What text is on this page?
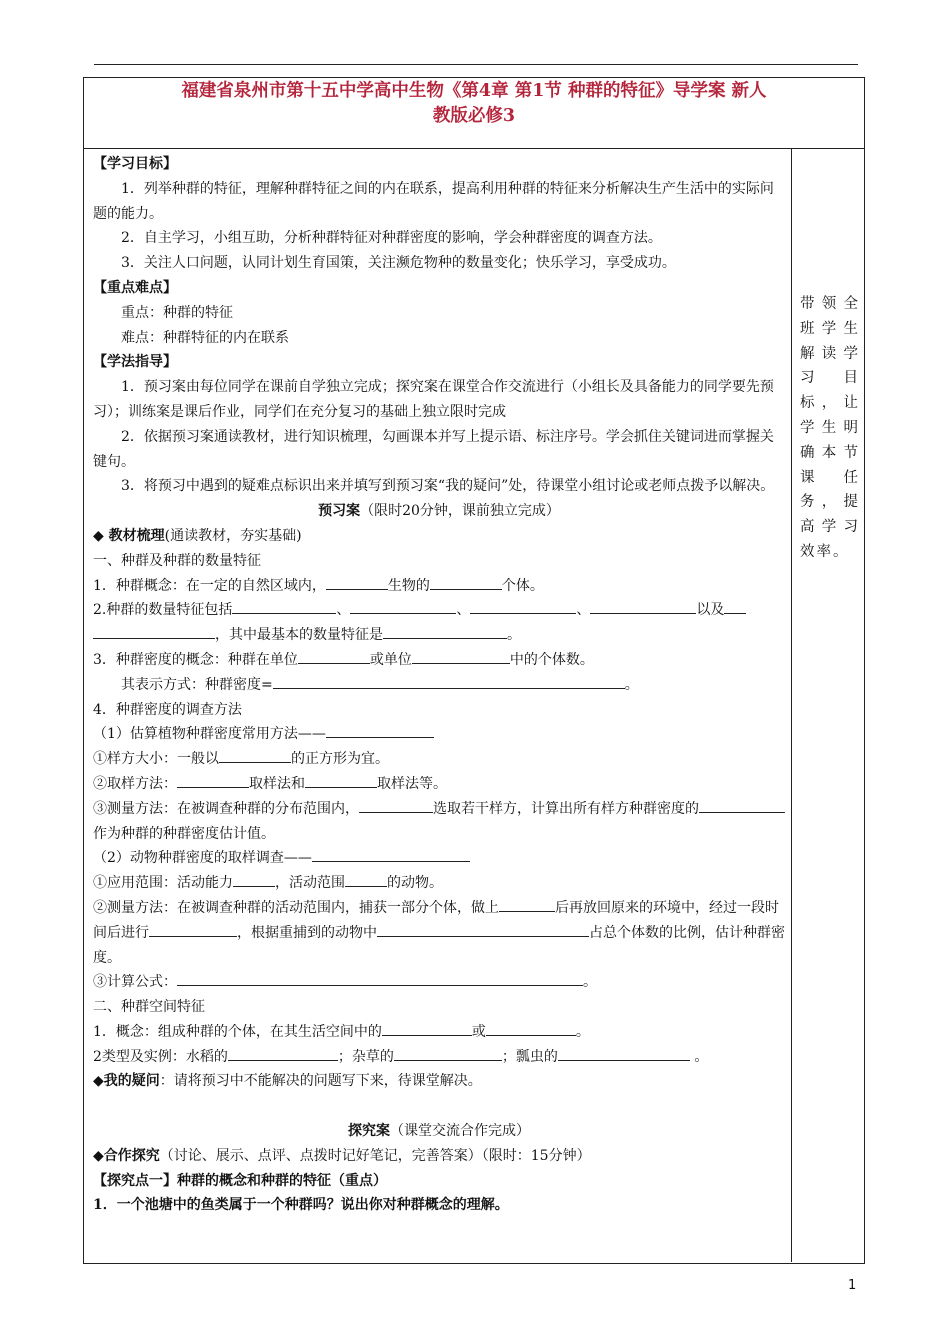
福建省泉州市第十五中学高中生物《第4章 第1节 种群的特征》导学案 新人
教版必修3
带领全班学生解读学习目标，让学生明确本节课任务，提高学习效率。

【学习目标】

1．列举种群的特征，理解种群特征之间的内在联系，提高利用种群的特征来分析解决生产生活中的实际问题的能力。

2．自主学习，小组互助，分析种群特征对种群密度的影响，学会种群密度的调查方法。

3．关注人口问题，认同计划生育国策，关注濒危物种的数量变化；快乐学习，享受成功。

【重点难点】

重点：种群的特征

难点：种群特征的内在联系

【学法指导】

1．预习案由每位同学在课前自学独立完成；探究案在课堂合作交流进行（小组长及具备能力的同学要先预习）；训练案是课后作业，同学们在充分复习的基础上独立限时完成

2．依据预习案通读教材，进行知识梳理，勾画课本并写上提示语、标注序号。学会抓住关键词进而掌握关键句。

3．将预习中遇到的疑难点标识出来并填写到预习案“我的疑问”处，待课堂小组讨论或老师点拨予以解决。

预习案（限时20分钟，课前独立完成）

◆ 教材梳理(通读教材，夯实基础)

一、种群及种群的数量特征

1．种群概念：在一定的自然区域内，	生物的	个体。

2.种群的数量特征包括	、	、	、	以及
，其中最基本的数量特征是	。

3．种群密度的概念：种群在单位	或单位	中的个体数。

其表示方式：种群密度=	。

4．种群密度的调查方法

（1）估算植物种群密度常用方法——

①样方大小：一般以	的正方形为宜。

②取样方法：	取样法和	取样法等。

③测量方法：在被调查种群的分布范围内，	选取若干样方，计算出所有样方种群密度的作为种群的种群密度估计值。

（2）动物种群密度的取样调查——

①应用范围：活动能力	，活动范围	的动物。

②测量方法：在被调查种群的活动范围内，捕获一部分个体，做上	后再放回原来的环境中，经过一段时间后进行	，根据重捕到的动物中	占总个体数的比例，估计种群密度。

③计算公式：	。

二、种群空间特征

1．概念：组成种群的个体，在其生活空间中的	或	。

2类型及实例：水稻的	；杂草的	；瓢虫的	。

◆我的疑问：请将预习中不能解决的问题写下来，待课堂解决。

探究案（课堂交流合作完成）

◆合作探究（讨论、展示、点评、点拨时记好笔记，完善答案）（限时：15分钟）

【探究点一】种群的概念和种群的特征（重点）

1．一个池塘中的鱼类属于一个种群吗？说出你对种群概念的理解。

1
